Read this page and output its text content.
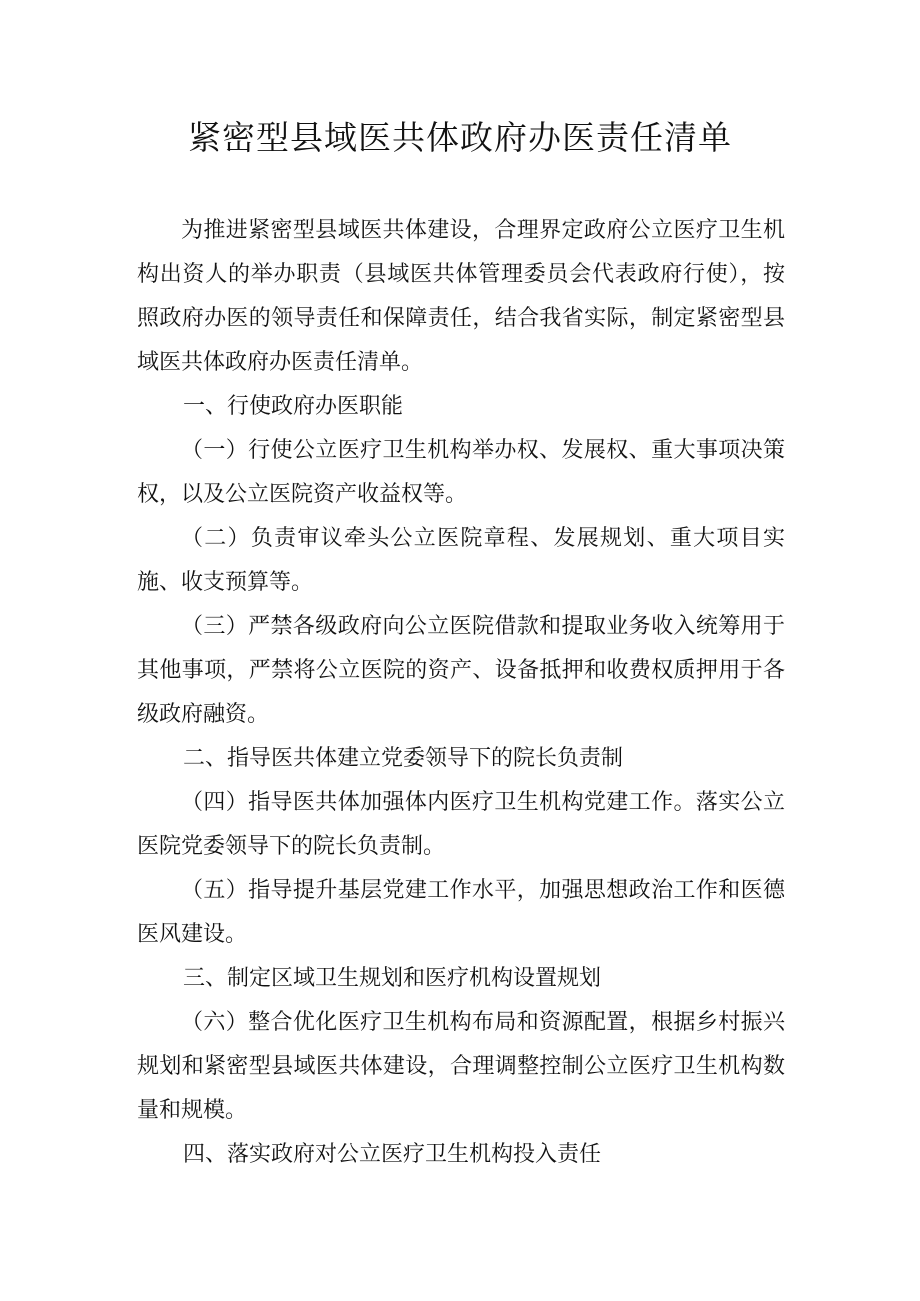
紧密型县域医共体政府办医责任清单

为推进紧密型县域医共体建设，合理界定政府公立医疗卫生机构出资人的举办职责（县域医共体管理委员会代表政府行使），按照政府办医的领导责任和保障责任，结合我省实际，制定紧密型县域医共体政府办医责任清单。

一、行使政府办医职能

（一）行使公立医疗卫生机构举办权、发展权、重大事项决策权，以及公立医院资产收益权等。

（二）负责审议牵头公立医院章程、发展规划、重大项目实施、收支预算等。

（三）严禁各级政府向公立医院借款和提取业务收入统筹用于其他事项，严禁将公立医院的资产、设备抵押和收费权质押用于各级政府融资。

二、指导医共体建立党委领导下的院长负责制

（四）指导医共体加强体内医疗卫生机构党建工作。落实公立医院党委领导下的院长负责制。

（五）指导提升基层党建工作水平，加强思想政治工作和医德医风建设。

三、制定区域卫生规划和医疗机构设置规划

（六）整合优化医疗卫生机构布局和资源配置，根据乡村振兴规划和紧密型县域医共体建设，合理调整控制公立医疗卫生机构数量和规模。

四、落实政府对公立医疗卫生机构投入责任
